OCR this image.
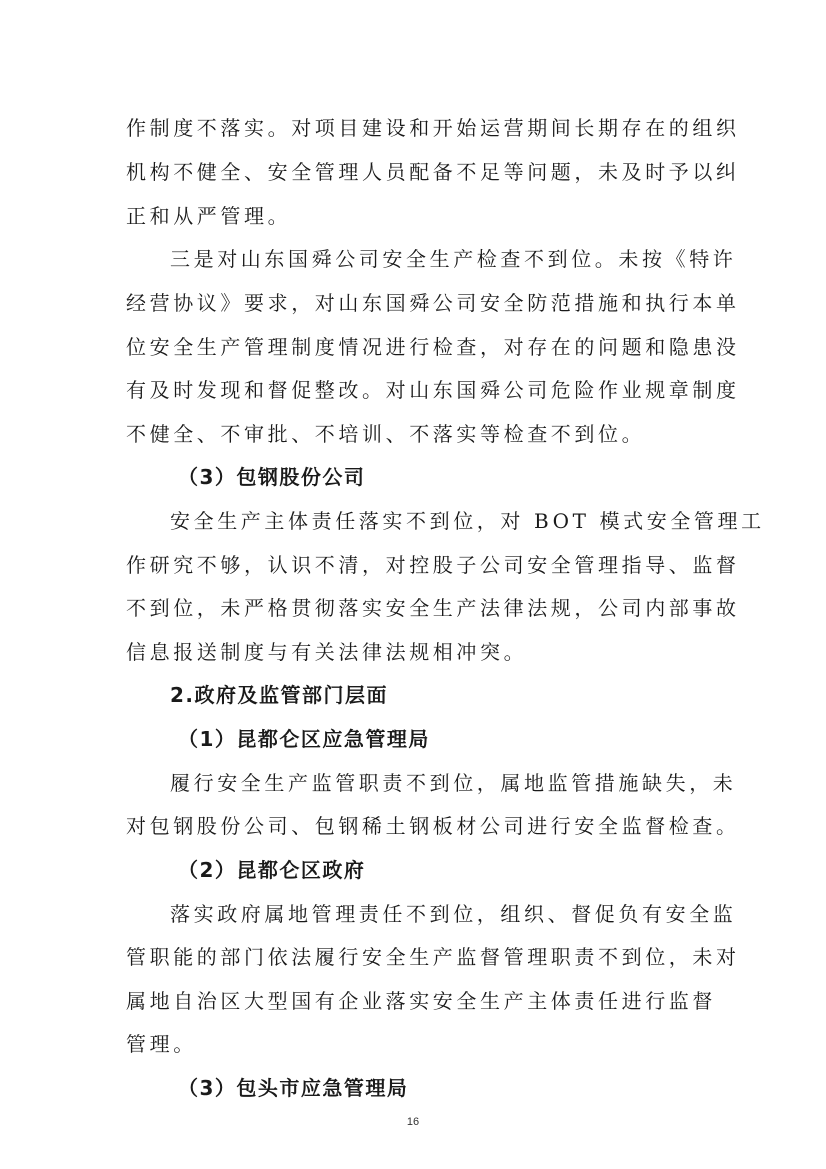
作制度不落实。对项目建设和开始运营期间长期存在的组织
机构不健全、安全管理人员配备不足等问题，未及时予以纠
正和从严管理。
三是对山东国舜公司安全生产检查不到位。未按《特许
经营协议》要求，对山东国舜公司安全防范措施和执行本单
位安全生产管理制度情况进行检查，对存在的问题和隐患没
有及时发现和督促整改。对山东国舜公司危险作业规章制度
不健全、不审批、不培训、不落实等检查不到位。
（3）包钢股份公司
安全生产主体责任落实不到位，对 BOT 模式安全管理工
作研究不够，认识不清，对控股子公司安全管理指导、监督
不到位，未严格贯彻落实安全生产法律法规，公司内部事故
信息报送制度与有关法律法规相冲突。
2.政府及监管部门层面
（1）昆都仑区应急管理局
履行安全生产监管职责不到位，属地监管措施缺失，未
对包钢股份公司、包钢稀土钢板材公司进行安全监督检查。
（2）昆都仑区政府
落实政府属地管理责任不到位，组织、督促负有安全监
管职能的部门依法履行安全生产监督管理职责不到位，未对
属地自治区大型国有企业落实安全生产主体责任进行监督
管理。
（3）包头市应急管理局
16
